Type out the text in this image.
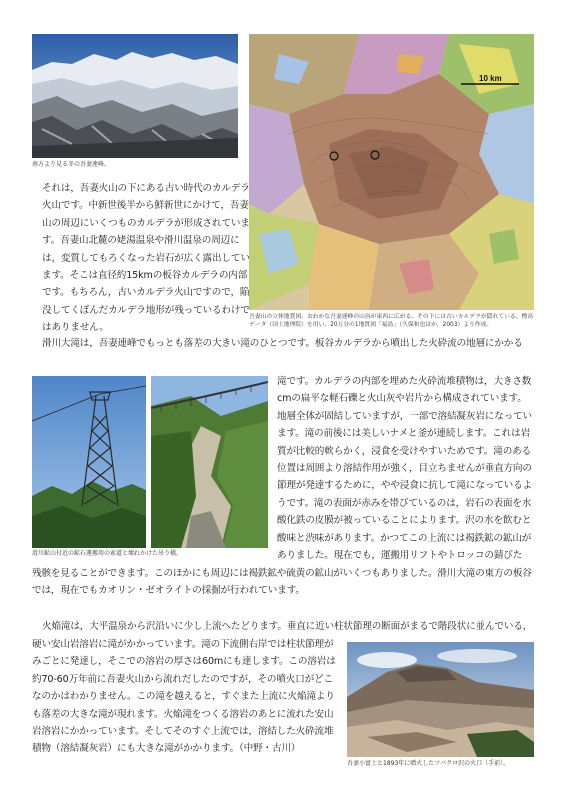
南方より見る冬の吾妻連峰。
10 km
吾妻山の立体地質図。おわかな吾妻連峰の山容が東西に広がる。その下には古いカルデラが隠れている。標高データ（国土地理院）を用い，20万分の1地質図「福島」（久保和也ほか，2003）より作成。

それは，吾妻火山の下にある古い時代のカルデラ火山です。中新世後半から鮮新世にかけて，吾妻山の周辺にいくつものカルデラが形成されています。吾妻山北麓の姥湯温泉や滑川温泉の周辺には，変質してもろくなった岩石が広く露出しています。そこは直径約15kmの板谷カルデラの内部です。もちろん，古いカルデラ火山ですので，陥没してくぼんだカルデラ地形が残っているわけではありません。

滑川大滝は，吾妻連峰でもっとも落差の大きい滝のひとつです。板谷カルデラから噴出した火砕流の地層にかかる

滑川鉱山付近の鉱石運搬用の索道と壊れかけた吊り橋。

滝です。カルデラの内部を埋めた火砕流堆積物は，大きさ数cmの扁平な軽石礫と火山灰や岩片から構成されています。地層全体が固結していますが，一部で溶結凝灰岩になっています。滝の前後には美しいナメと釜が連続します。これは岩質が比較的軟らかく，浸食を受けやすいためです。滝のある位置は周囲より溶結作用が強く，目立ちませんが垂直方向の節理が発達するために，やや浸食に抗して滝になっているようです。滝の表面が赤みを帯びているのは，岩石の表面を水酸化鉄の皮膜が被っていることによります。沢の水を飲むと酸味と渋味があります。かつてこの上流には褐鉄鉱の鉱山がありました。現在でも，運搬用リフトやトロッコの錆びた

残骸を見ることができます。このほかにも周辺には褐鉄鉱や硫黄の鉱山がいくつもありました。滑川大滝の東方の板谷では，現在でもカオリン・ゼオライトの採掘が行われています。

火焔滝は，大平温泉から沢沿いに少し上流へたどります。垂直に近い柱状節理の断面がまるで階段状に並んでいる，

硬い安山岩溶岩に滝がかかっています。滝の下流側右岸では柱状節理がみごとに発達し，そこでの溶岩の厚さは60mにも達します。この溶岩は約70-60万年前に吾妻火山から流れだしたのですが，その噴火口がどこなのかはわかりません。この滝を越えると，すぐまた上流に火焔滝よりも落差の大きな滝が現れます。火焔滝をつくる溶岩のあとに流れた安山岩溶岩にかかっています。そしてそのすぐ上流では，溶結した火砕流堆積物（溶結凝灰岩）にも大きな滝がかかります。（中野・古川）

吾妻小富士と1893年に噴火したツバクロ沢の火口（手前）。
